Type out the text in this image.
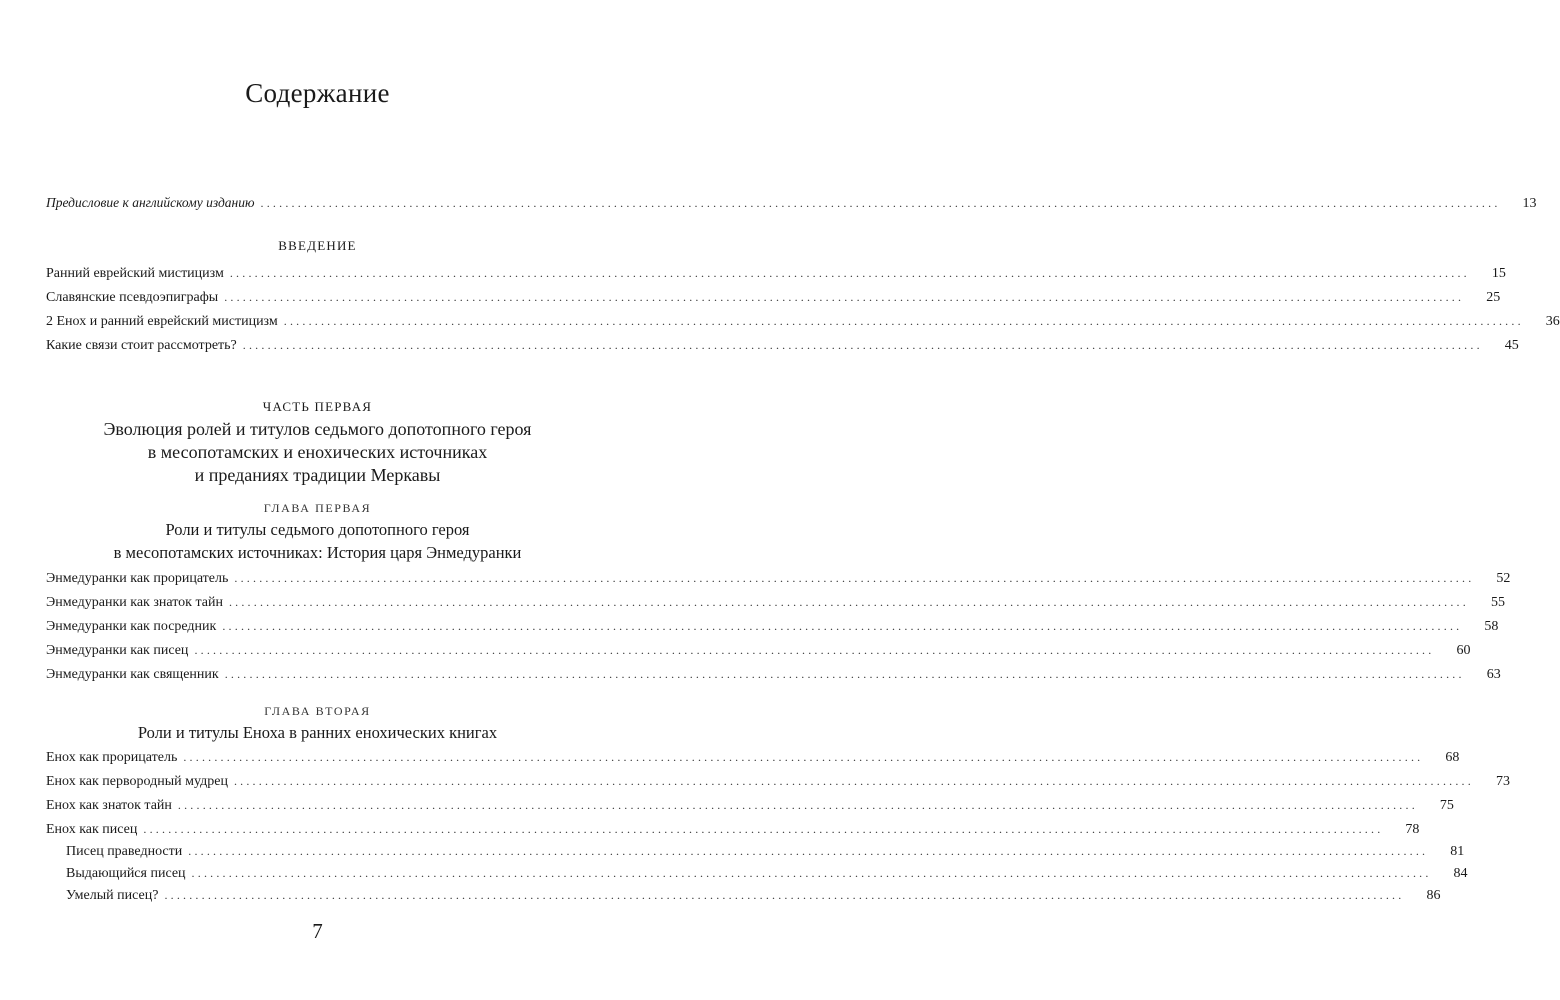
Содержание
Предисловие к английскому изданию ........................................................................................................................................................................................................	13
ВВЕДЕНИЕ
Ранний еврейский мистицизм ........................................................................................................................................................................................................	15
Славянские псевдоэпиграфы ........................................................................................................................................................................................................	25
2 Енох и ранний еврейский мистицизм ........................................................................................................................................................................................................	36
Какие связи стоит рассмотреть? ........................................................................................................................................................................................................	45
ЧАСТЬ ПЕРВАЯ
Эволюция ролей и титулов седьмого допотопного героя
в месопотамских и енохических источниках
и преданиях традиции Меркавы
ГЛАВА ПЕРВАЯ
Роли и титулы седьмого допотопного героя
в месопотамских источниках: История царя Энмедуранки
Энмедуранки как прорицатель ........................................................................................................................................................................................................	52
Энмедуранки как знаток тайн ........................................................................................................................................................................................................	55
Энмедуранки как посредник ........................................................................................................................................................................................................	58
Энмедуранки как писец ........................................................................................................................................................................................................	60
Энмедуранки как священник ........................................................................................................................................................................................................	63
ГЛАВА ВТОРАЯ
Роли и титулы Еноха в ранних енохических книгах
Енох как прорицатель ........................................................................................................................................................................................................	68
Енох как первородный мудрец ........................................................................................................................................................................................................	73
Енох как знаток тайн ........................................................................................................................................................................................................	75
Енох как писец ........................................................................................................................................................................................................	78
Писец праведности ........................................................................................................................................................................................................	81
Выдающийся писец ........................................................................................................................................................................................................	84
Умелый писец? ........................................................................................................................................................................................................	86
7
